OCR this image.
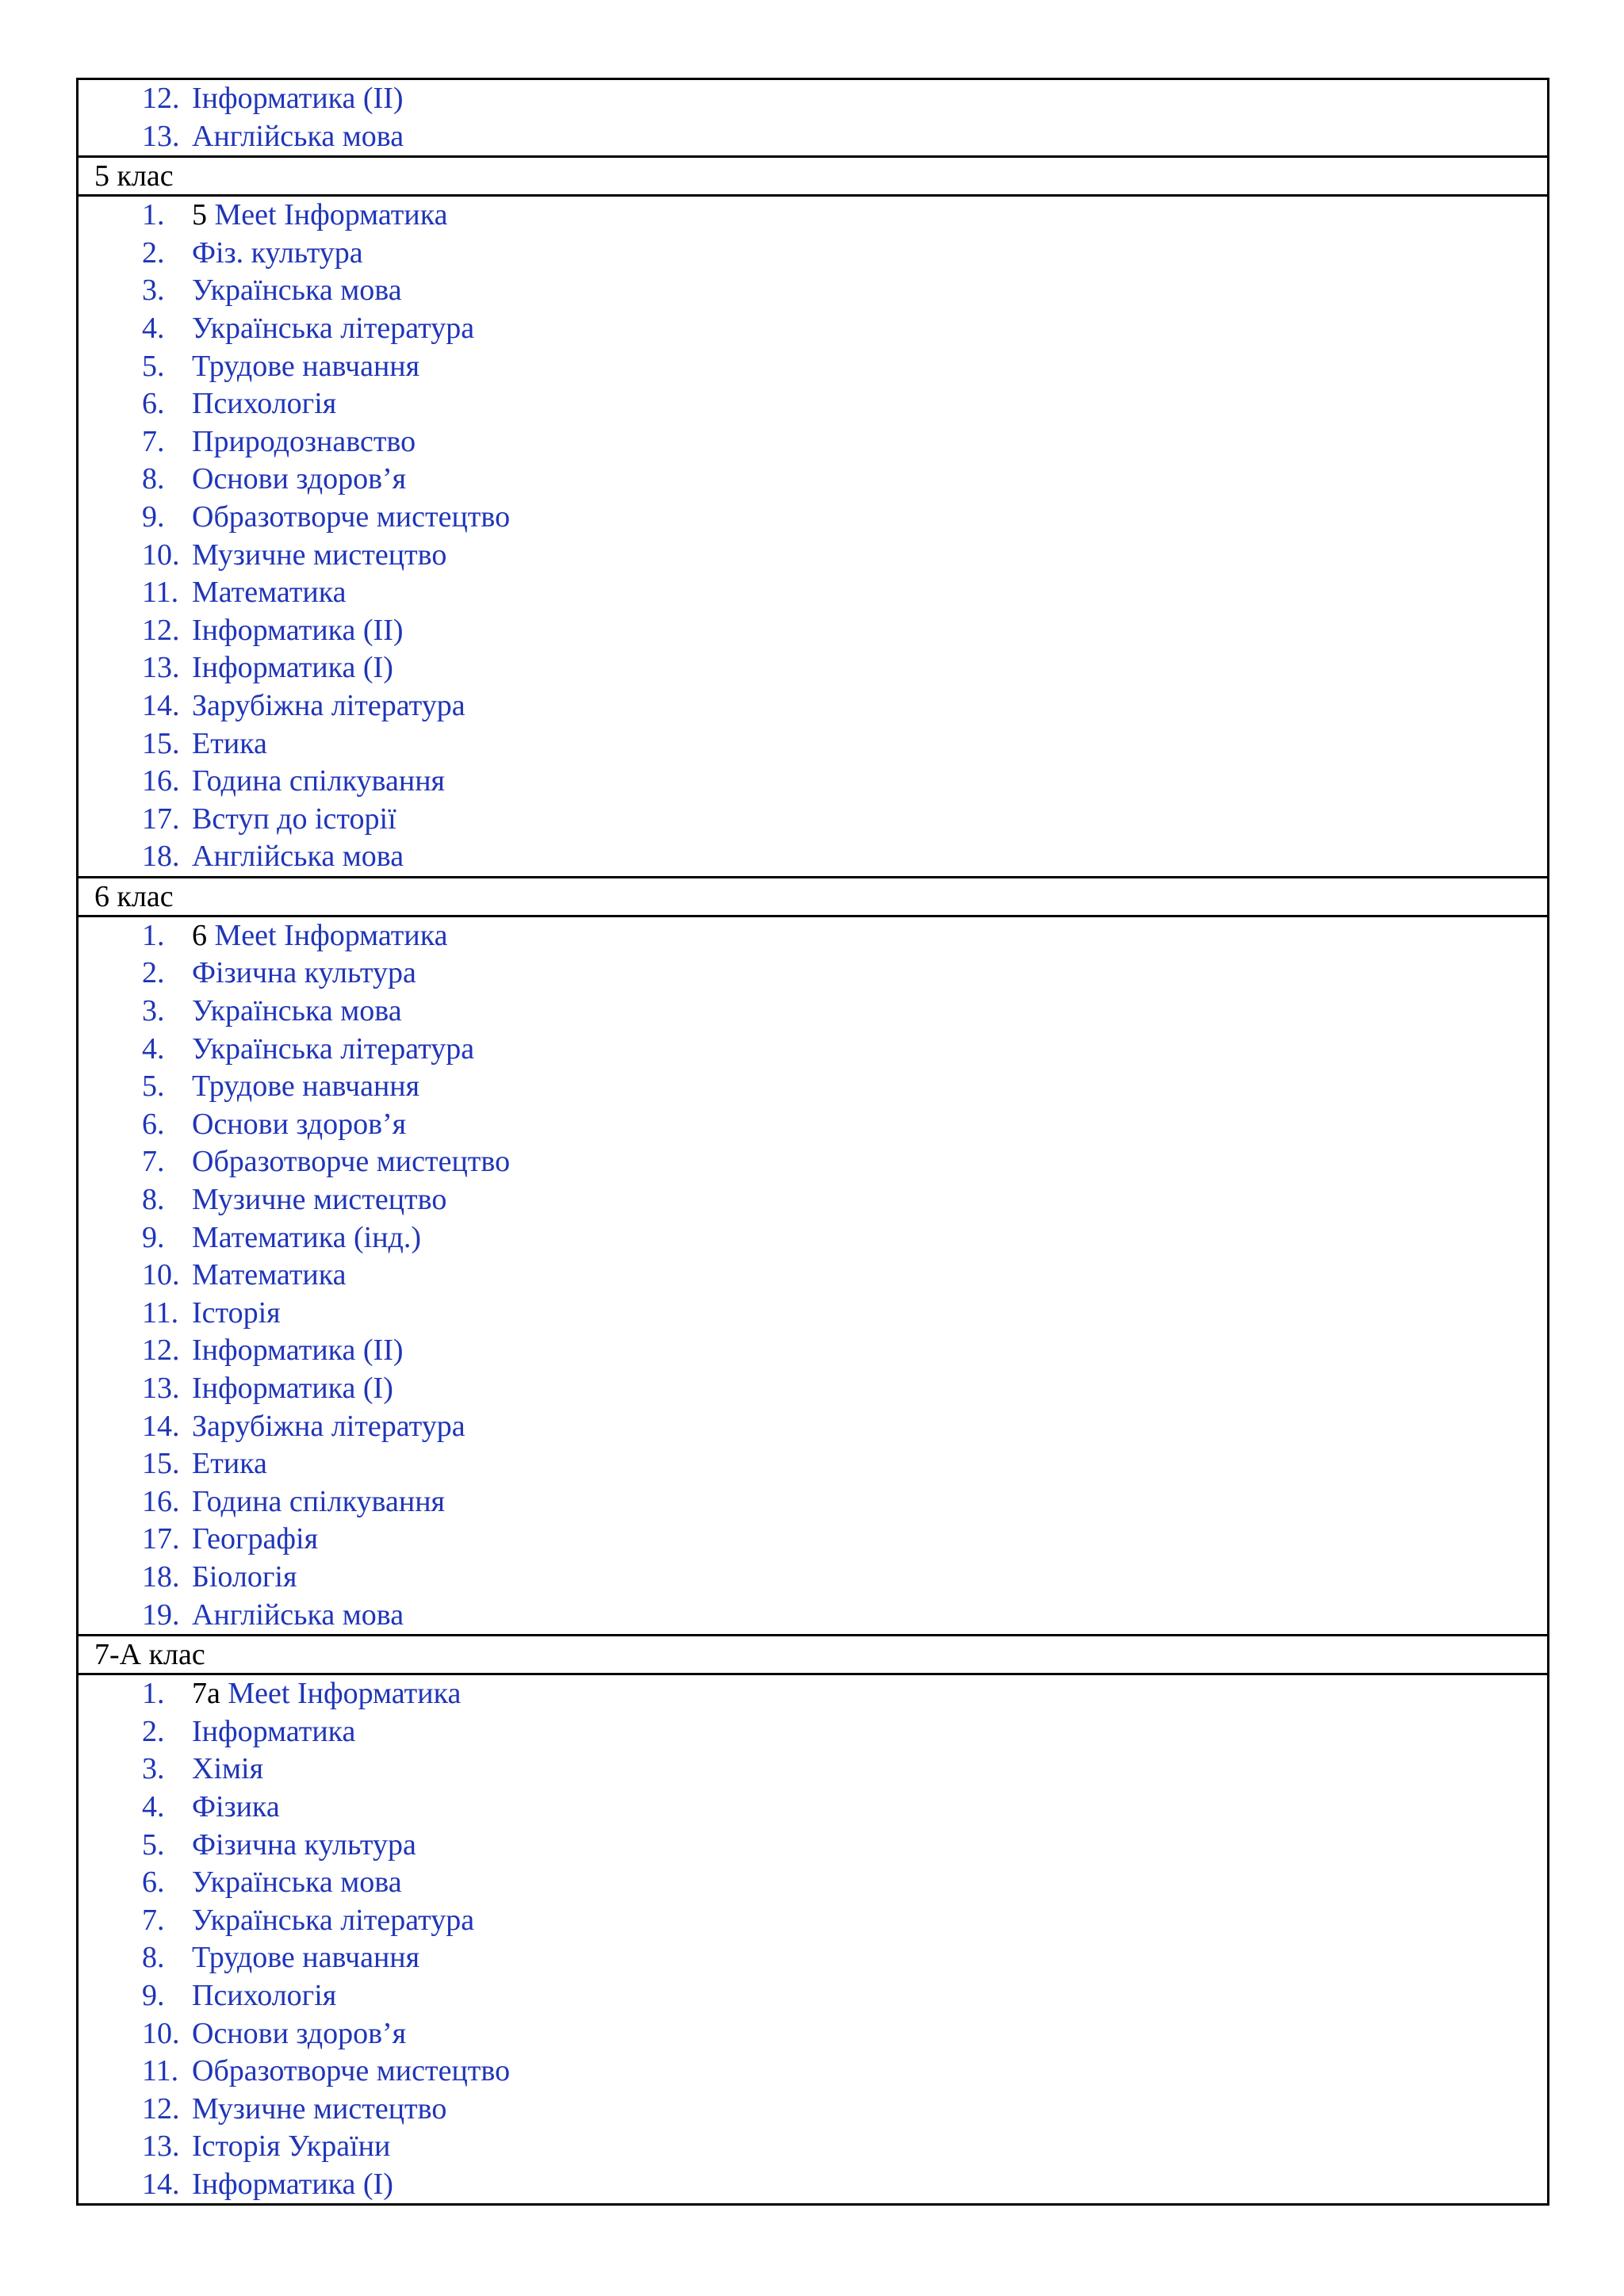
12. Інформатика (ІІ)
13. Англійська мова

5 клас

1. 5 Meet Інформатика
2. Фіз. культура
3. Українська мова
4. Українська література
5. Трудове навчання
6. Психологія
7. Природознавство
8. Основи здоров’я
9. Образотворче мистецтво
10. Музичне мистецтво
11. Математика
12. Інформатика (ІІ)
13. Інформатика (І)
14. Зарубіжна література
15. Етика
16. Година спілкування
17. Вступ до історії
18. Англійська мова

6 клас

1. 6 Meet Інформатика
2. Фізична культура
3. Українська мова
4. Українська література
5. Трудове навчання
6. Основи здоров’я
7. Образотворче мистецтво
8. Музичне мистецтво
9. Математика (інд.)
10. Математика
11. Історія
12. Інформатика (ІІ)
13. Інформатика (І)
14. Зарубіжна література
15. Етика
16. Година спілкування
17. Географія
18. Біологія
19. Англійська мова

7-А клас

1. 7а Meet Інформатика
2. Інформатика
3. Хімія
4. Фізика
5. Фізична культура
6. Українська мова
7. Українська література
8. Трудове навчання
9. Психологія
10. Основи здоров’я
11. Образотворче мистецтво
12. Музичне мистецтво
13. Історія України
14. Інформатика (І)
